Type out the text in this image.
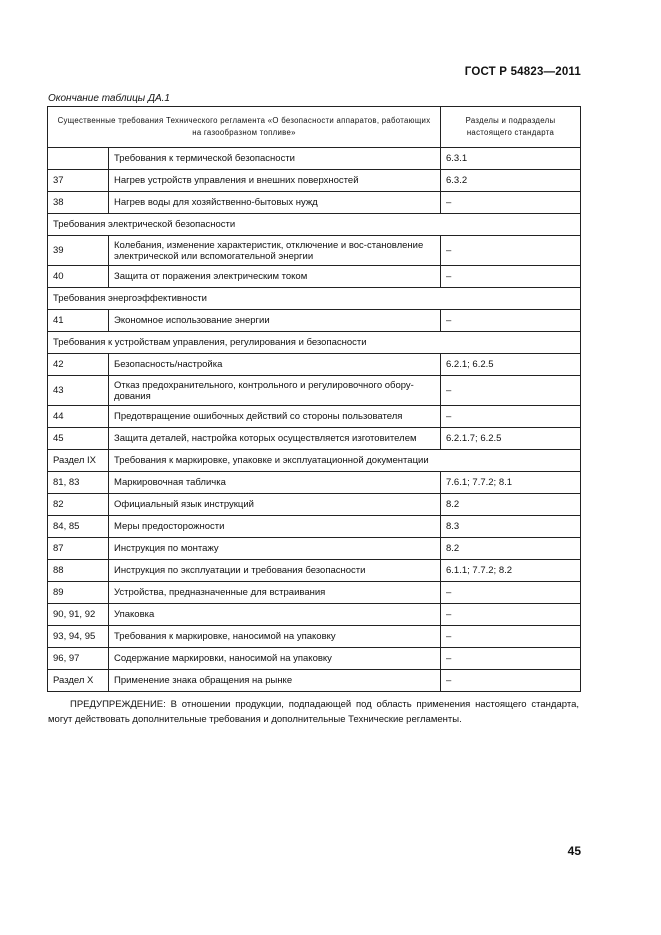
ГОСТ Р 54823—2011
Окончание таблицы ДА.1
Существенные требования Технического регламента «О безопасности аппаратов, работающих на газообразном топливе»		Разделы и подразделы настоящего стандарта
	Требования к термической безопасности	6.3.1
37	Нагрев устройств управления и внешних поверхностей	6.3.2
38	Нагрев воды для хозяйственно-бытовых нужд	–
Требования электрической безопасности		
39	Колебания, изменение характеристик, отключение и вос-становление электрической или вспомогательной энергии	–
40	Защита от поражения электрическим током	–
Требования энергоэффективности		
41	Экономное использование энергии	–
Требования к устройствам управления, регулирования и безопасности		
42	Безопасность/настройка	6.2.1; 6.2.5
43	Отказ предохранительного, контрольного и регулировочного обору-дования	–
44	Предотвращение ошибочных действий со стороны пользователя	–
45	Защита деталей, настройка которых осуществляется изготовителем	6.2.1.7; 6.2.5
Раздел IX	Требования к маркировке, упаковке и эксплуатационной документации	
81, 83	Маркировочная табличка	7.6.1; 7.7.2; 8.1
82	Официальный язык инструкций	8.2
84, 85	Меры предосторожности	8.3
87	Инструкция по монтажу	8.2
88	Инструкция по эксплуатации и требования безопасности	6.1.1; 7.7.2; 8.2
89	Устройства, предназначенные для встраивания	–
90, 91, 92	Упаковка	–
93, 94, 95	Требования к маркировке, наносимой на упаковку	–
96, 97	Содержание маркировки, наносимой на упаковку	–
Раздел X	Применение знака обращения на рынке	–

ПРЕДУПРЕЖДЕНИЕ: В отношении продукции, подпадающей под область применения настоящего стандарта, могут действовать дополнительные требования и дополнительные Технические регламенты.

45
